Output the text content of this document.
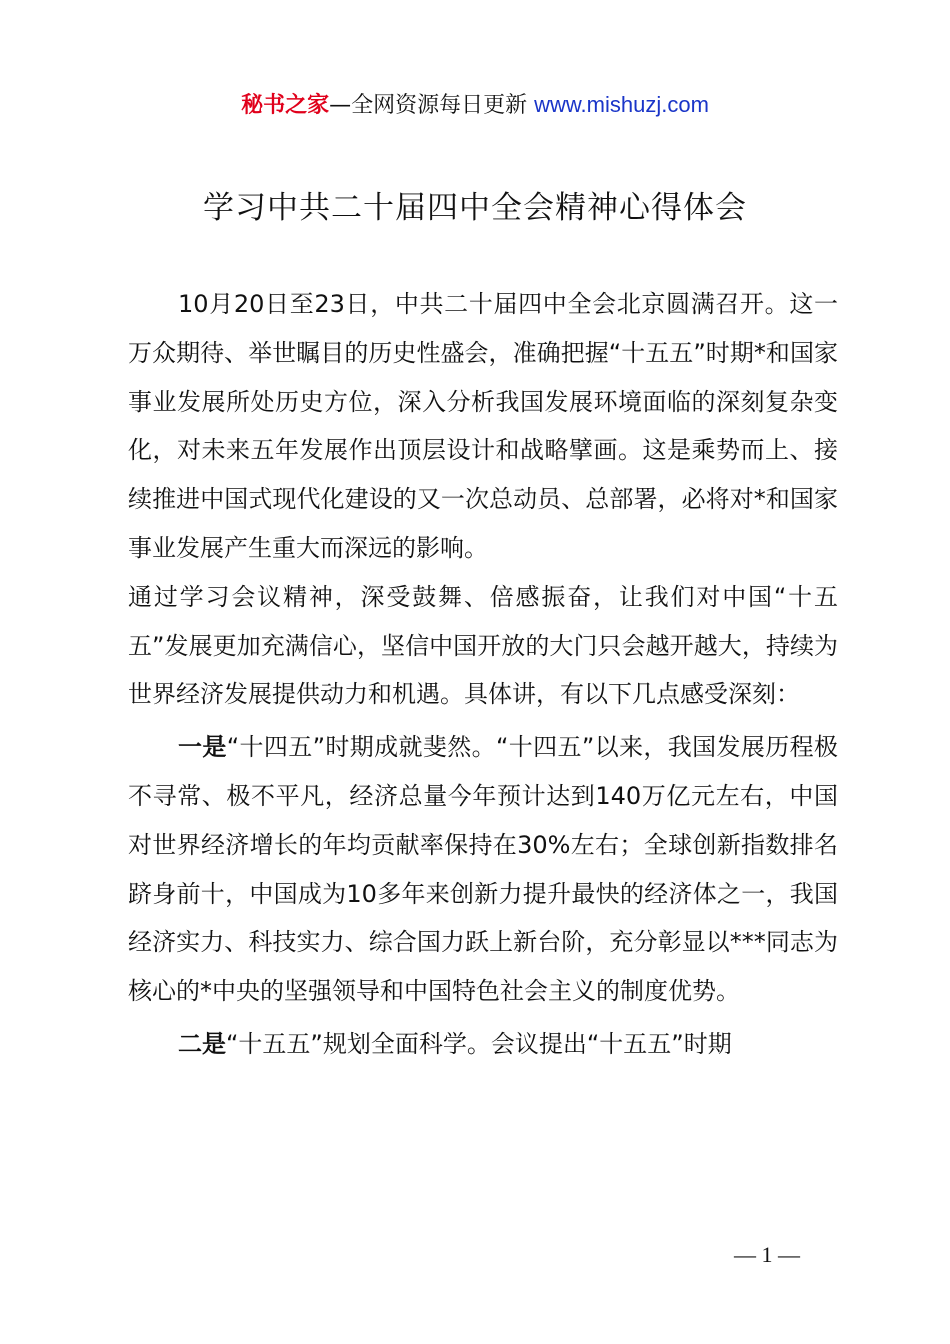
秘书之家—全网资源每日更新 www.mishuzj.com
学习中共二十届四中全会精神心得体会

10月20日至23日，中共二十届四中全会北京圆满召开。这一万众期待、举世瞩目的历史性盛会，准确把握“十五五”时期*和国家事业发展所处历史方位，深入分析我国发展环境面临的深刻复杂变化，对未来五年发展作出顶层设计和战略擘画。这是乘势而上、接续推进中国式现代化建设的又一次总动员、总部署，必将对*和国家事业发展产生重大而深远的影响。

通过学习会议精神，深受鼓舞、倍感振奋，让我们对中国“十五五”发展更加充满信心，坚信中国开放的大门只会越开越大，持续为世界经济发展提供动力和机遇。具体讲，有以下几点感受深刻：

一是“十四五”时期成就斐然。“十四五”以来，我国发展历程极不寻常、极不平凡，经济总量今年预计达到140万亿元左右，中国对世界经济增长的年均贡献率保持在30%左右；全球创新指数排名跻身前十，中国成为10多年来创新力提升最快的经济体之一，我国经济实力、科技实力、综合国力跃上新台阶，充分彰显以***同志为核心的*中央的坚强领导和中国特色社会主义的制度优势。

二是“十五五”规划全面科学。会议提出“十五五”时期

— 1 —
